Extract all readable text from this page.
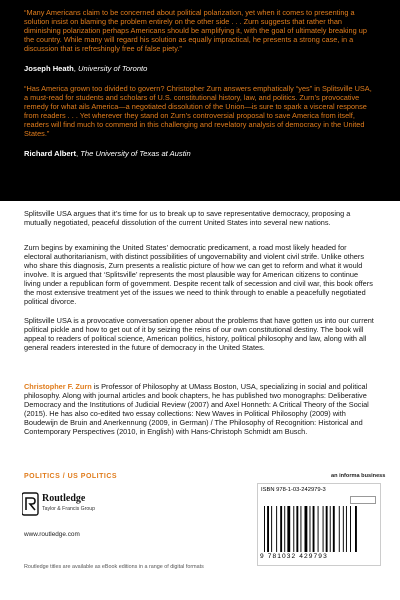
“Many Americans claim to be concerned about political polarization, yet when it comes to presenting a solution insist on blaming the problem entirely on the other side . . . Zurn suggests that rather than diminishing polarization perhaps Americans should be amplifying it, with the goal of ultimately breaking up the country. While many will regard his solution as equally impractical, he presents a strong case, in a discussion that is refreshingly free of false piety.”
Joseph Heath, University of Toronto
“Has America grown too divided to govern? Christopher Zurn answers emphatically “yes” in Splitsville USA, a must-read for students and scholars of U.S. constitutional history, law, and politics. Zurn’s provocative remedy for what ails America—a negotiated dissolution of the Union—is sure to spark a visceral response from readers . . . Yet wherever they stand on Zurn’s controversial proposal to save America from itself, readers will find much to commend in this challenging and revelatory analysis of democracy in the United States.”
Richard Albert, The University of Texas at Austin
Splitsville USA argues that it’s time for us to break up to save representative democracy, proposing a mutually negotiated, peaceful dissolution of the current United States into several new nations.
Zurn begins by examining the United States’ democratic predicament, a road most likely headed for electoral authoritarianism, with distinct possibilities of ungovernability and violent civil strife. Unlike others who share this diagnosis, Zurn presents a realistic picture of how we can get to reform and what it would involve. It is argued that ‘Splitsville’ represents the most plausible way for American citizens to continue living under a republican form of government. Despite recent talk of secession and civil war, this book offers the most extensive treatment yet of the issues we need to think through to enable a peacefully negotiated political divorce.
Splitsville USA is a provocative conversation opener about the problems that have gotten us into our current political pickle and how to get out of it by seizing the reins of our own constitutional destiny. The book will appeal to readers of political science, American politics, history, political philosophy and law, along with all general readers interested in the future of democracy in the United States.
Christopher F. Zurn is Professor of Philosophy at UMass Boston, USA, specializing in social and political philosophy. Along with journal articles and book chapters, he has published two monographs: Deliberative Democracy and the Institutions of Judicial Review (2007) and Axel Honneth: A Critical Theory of the Social (2015). He has also co-edited two essay collections: New Waves in Political Philosophy (2009) with Boudewijn de Bruin and Anerkennung (2009, in German) / The Philosophy of Recognition: Historical and Contemporary Perspectives (2010, in English) with Hans-Christoph Schmidt am Busch.
POLITICS / US POLITICS
Routledge
Taylor & Francis Group
www.routledge.com
an informa business
ISBN 978-1-03-242979-3
9 781032 429793
Routledge titles are available as eBook editions in a range of digital formats
